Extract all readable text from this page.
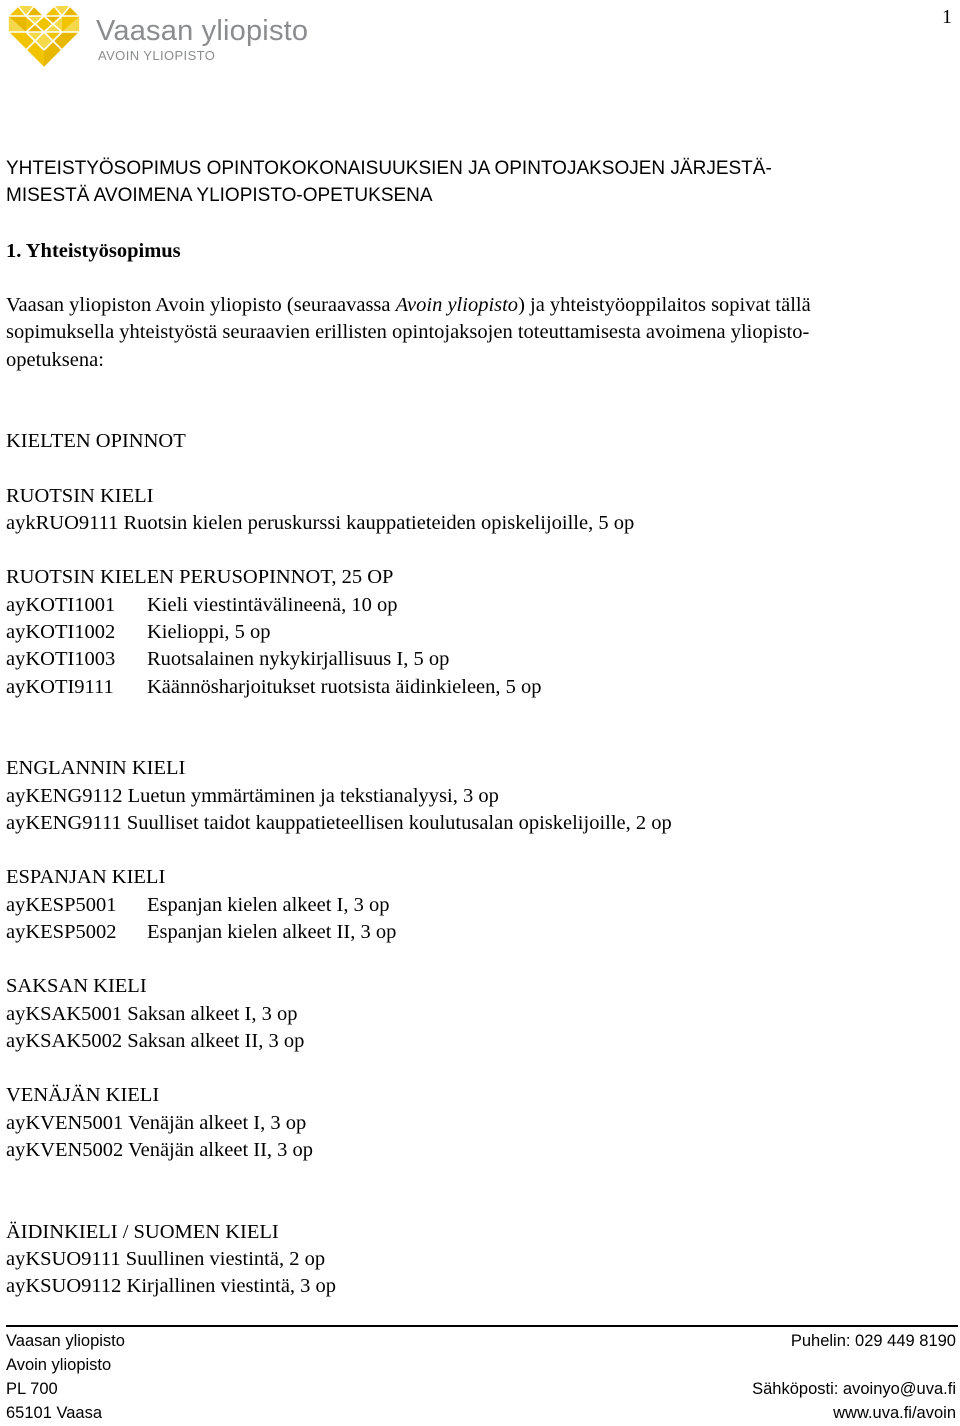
Vaasan yliopisto
AVOIN YLIOPISTO
1
YHTEISTYÖSOPIMUS OPINTOKOKONAISUUKSIEN JA OPINTOJAKSOJEN JÄRJESTÄ-
MISESTÄ AVOIMENA YLIOPISTO-OPETUKSENA
1. Yhteistyösopimus
Vaasan yliopiston Avoin yliopisto (seuraavassa Avoin yliopisto) ja yhteistyöoppilaitos sopivat tällä
sopimuksella yhteistyöstä seuraavien erillisten opintojaksojen toteuttamisesta avoimena yliopisto-
opetuksena:
KIELTEN OPINNOT
RUOTSIN KIELI
aykRUO9111 Ruotsin kielen peruskurssi kauppatieteiden opiskelijoille, 5 op
RUOTSIN KIELEN PERUSOPINNOT, 25 OP
ayKOTI1001 Kieli viestintävälineenä, 10 op
ayKOTI1002 Kielioppi, 5 op
ayKOTI1003 Ruotsalainen nykykirjallisuus I, 5 op
ayKOTI9111 Käännösharjoitukset ruotsista äidinkieleen, 5 op
ENGLANNIN KIELI
ayKENG9112 Luetun ymmärtäminen ja tekstianalyysi, 3 op
ayKENG9111 Suulliset taidot kauppatieteellisen koulutusalan opiskelijoille, 2 op
ESPANJAN KIELI
ayKESP5001 Espanjan kielen alkeet I, 3 op
ayKESP5002 Espanjan kielen alkeet II, 3 op
SAKSAN KIELI
ayKSAK5001 Saksan alkeet I, 3 op
ayKSAK5002 Saksan alkeet II, 3 op
VENÄJÄN KIELI
ayKVEN5001 Venäjän alkeet I, 3 op
ayKVEN5002 Venäjän alkeet II, 3 op
ÄIDINKIELI / SUOMEN KIELI
ayKSUO9111 Suullinen viestintä, 2 op
ayKSUO9112 Kirjallinen viestintä, 3 op
Vaasan yliopisto
Avoin yliopisto
PL 700
65101 Vaasa
Puhelin: 029 449 8190
Sähköposti: avoinyo@uva.fi
www.uva.fi/avoin
